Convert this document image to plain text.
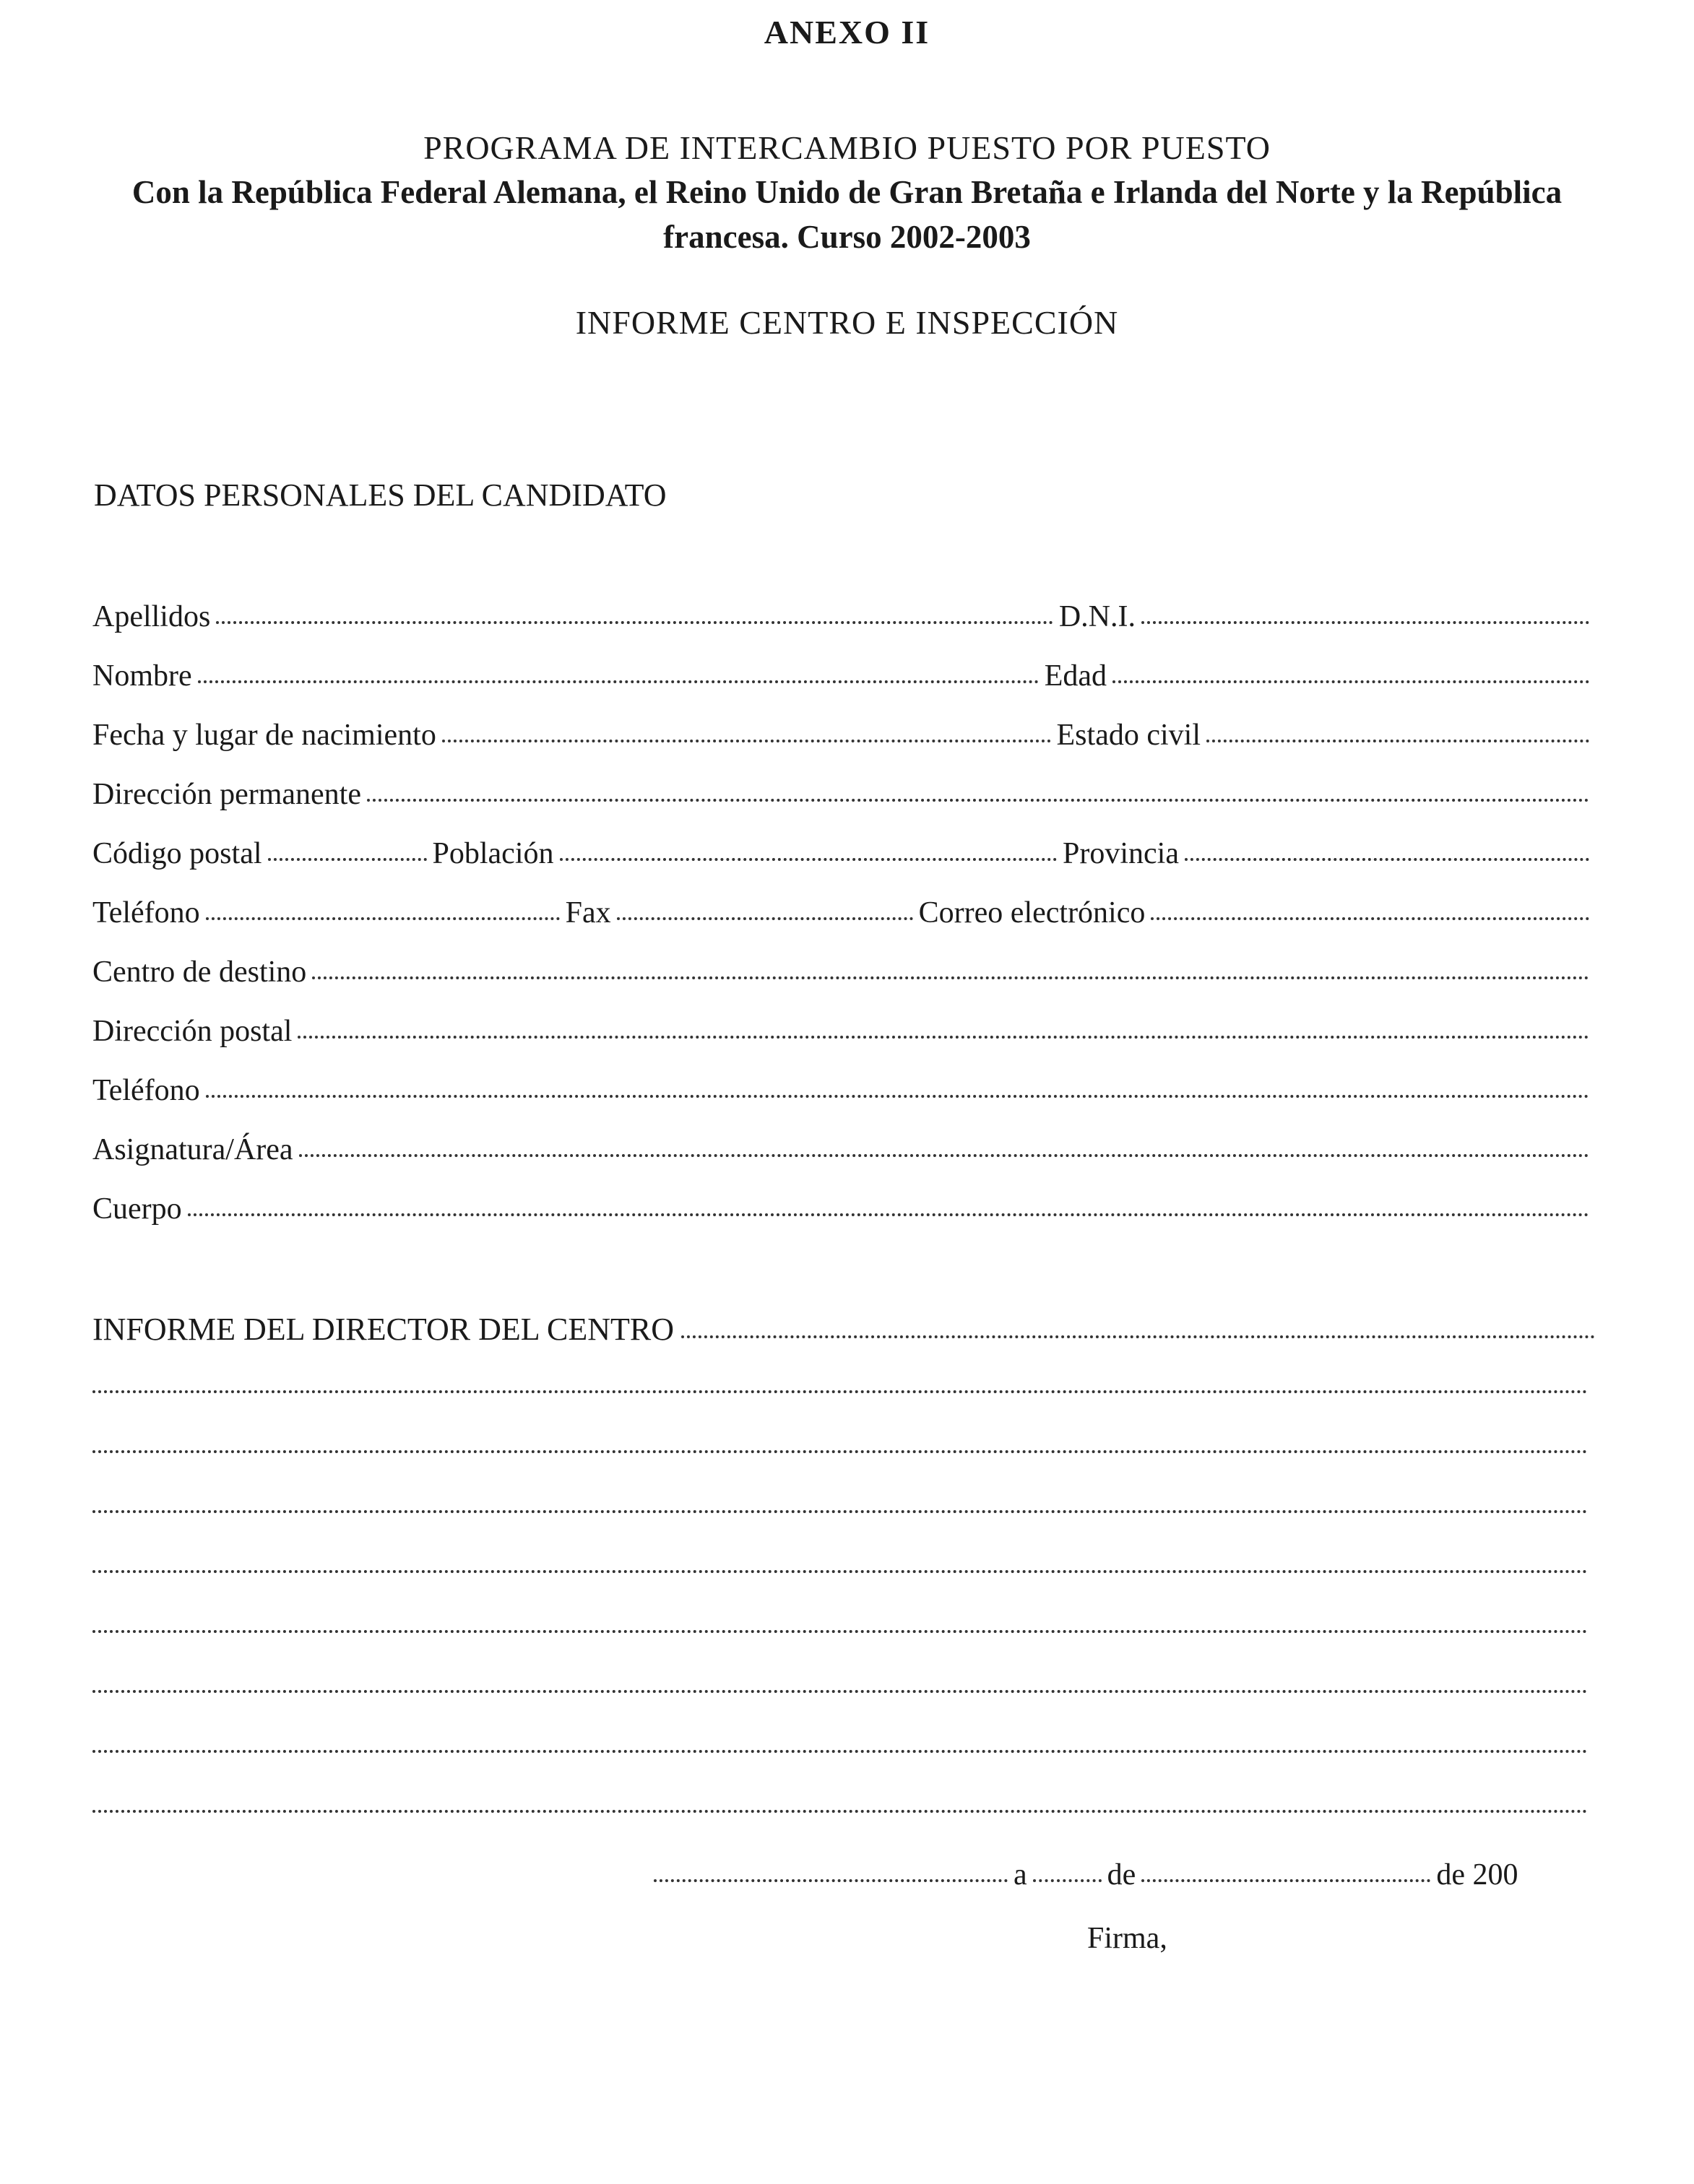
ANEXO II
PROGRAMA DE INTERCAMBIO PUESTO POR PUESTO
Con la República Federal Alemana, el Reino Unido de Gran Bretaña e Irlanda del Norte y la República
francesa. Curso 2002-2003
INFORME CENTRO E INSPECCIÓN
DATOS PERSONALES DEL CANDIDATO
Apellidos	D.N.I.
Nombre	Edad
Fecha y lugar de nacimiento	Estado civil
Dirección permanente
Código postal	Población	Provincia
Teléfono	Fax	Correo electrónico
Centro de destino
Dirección postal
Teléfono
Asignatura/Área
Cuerpo
INFORME DEL DIRECTOR DEL CENTRO
a	de	de 200
Firma,
